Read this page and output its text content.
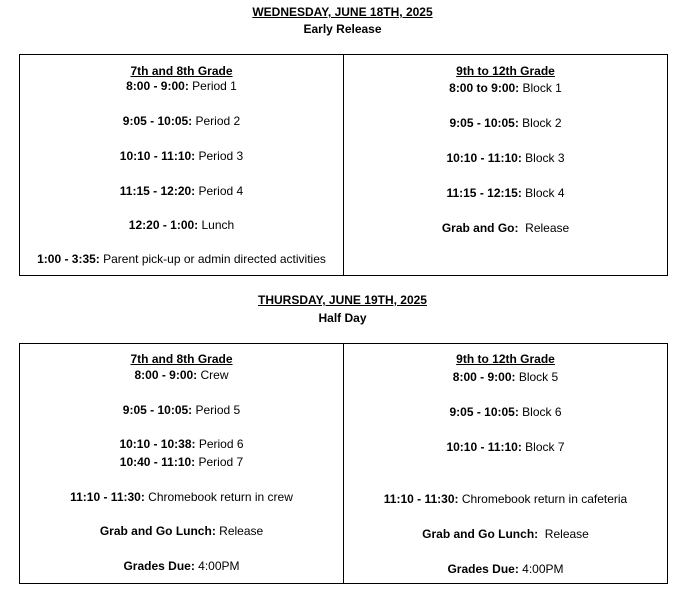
WEDNESDAY, JUNE 18TH, 2025
Early Release
7th and 8th Grade
8:00 - 9:00: Period 1
9:05 - 10:05: Period 2
10:10 - 11:10: Period 3
11:15 - 12:20: Period 4
12:20 - 1:00: Lunch
1:00 - 3:35: Parent pick-up or admin directed activities

9th to 12th Grade
8:00 to 9:00: Block 1
9:05 - 10:05: Block 2
10:10 - 11:10: Block 3
11:15 - 12:15: Block 4
Grab and Go:  Release
THURSDAY, JUNE 19TH, 2025
Half Day
7th and 8th Grade
8:00 - 9:00: Crew
9:05 - 10:05: Period 5
10:10 - 10:38: Period 6
10:40 - 11:10: Period 7
11:10 - 11:30: Chromebook return in crew
Grab and Go Lunch: Release
Grades Due: 4:00PM

9th to 12th Grade
8:00 - 9:00: Block 5
9:05 - 10:05: Block 6
10:10 - 11:10: Block 7
11:10 - 11:30: Chromebook return in cafeteria
Grab and Go Lunch:  Release
Grades Due: 4:00PM
